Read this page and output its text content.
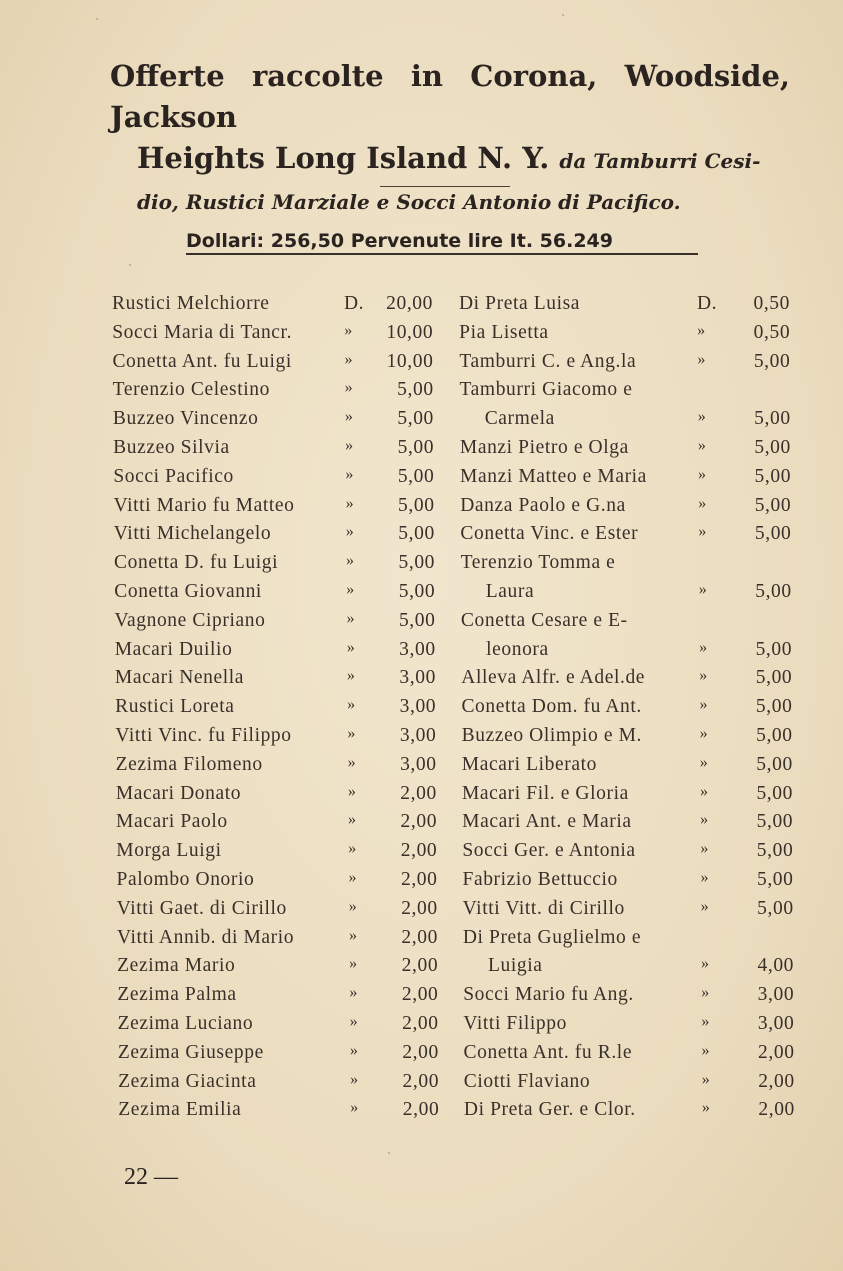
Offerte raccolte in Corona, Woodside, Jackson
Heights Long Island N. Y. da Tamburri Cesi-
dio, Rustici Marziale e Socci Antonio di Pacifico.
Dollari: 256,50 Pervenute lire It. 56.249
Rustici Melchiorre	D. 20,00
Socci Maria di Tancr.	» 10,00
Conetta Ant. fu Luigi	» 10,00
Terenzio Celestino	» 5,00
Buzzeo Vincenzo	» 5,00
Buzzeo Silvia	» 5,00
Socci Pacifico	» 5,00
Vitti Mario fu Matteo	» 5,00
Vitti Michelangelo	» 5,00
Conetta D. fu Luigi	» 5,00
Conetta Giovanni	» 5,00
Vagnone Cipriano	» 5,00
Macari Duilio	» 3,00
Macari Nenella	» 3,00
Rustici Loreta	» 3,00
Vitti Vinc. fu Filippo	» 3,00
Zezima Filomeno	» 3,00
Macari Donato	» 2,00
Macari Paolo	» 2,00
Morga Luigi	» 2,00
Palombo Onorio	» 2,00
Vitti Gaet. di Cirillo	» 2,00
Vitti Annib. di Mario	» 2,00
Zezima Mario	» 2,00
Zezima Palma	» 2,00
Zezima Luciano	» 2,00
Zezima Giuseppe	» 2,00
Zezima Giacinta	» 2,00
Zezima Emilia	» 2,00
Di Preta Luisa	D. 0,50
Pia Lisetta	» 0,50
Tamburri C. e Ang.la	» 5,00
Tamburri Giacomo e
Carmela	» 5,00
Manzi Pietro e Olga	» 5,00
Manzi Matteo e Maria	» 5,00
Danza Paolo e G.na	» 5,00
Conetta Vinc. e Ester	» 5,00
Terenzio Tomma e
Laura	» 5,00
Conetta Cesare e E-
leonora	» 5,00
Alleva Alfr. e Adel.de	» 5,00
Conetta Dom. fu Ant.	» 5,00
Buzzeo Olimpio e M.	» 5,00
Macari Liberato	» 5,00
Macari Fil. e Gloria	» 5,00
Macari Ant. e Maria	» 5,00
Socci Ger. e Antonia	» 5,00
Fabrizio Bettuccio	» 5,00
Vitti Vitt. di Cirillo	» 5,00
Di Preta Guglielmo e
Luigia	» 4,00
Socci Mario fu Ang.	» 3,00
Vitti Filippo	» 3,00
Conetta Ant. fu R.le	» 2,00
Ciotti Flaviano	» 2,00
Di Preta Ger. e Clor.	» 2,00
22 —
